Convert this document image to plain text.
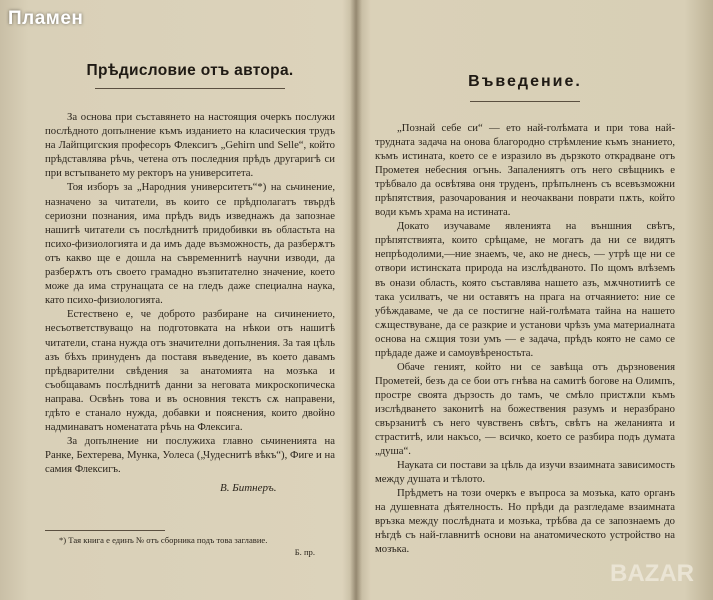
Пламен
Прѣдисловие отъ автора.

За основа при съставянето на настоящия очеркъ послужи послѣдното допълнение къмъ изданието на класическия трудъ на Лайпцигския професоръ Флексигъ „Gehirn und Selle“, който прѣдставлява рѣчь, четена отъ последния прѣдъ другаригѣ си при встъпването му ректоръ на университета.

Тоя изборъ за „Народния университетъ“*) на сьчинение, назначено за читатели, въ които се прѣдполагатъ твърдѣ сериозни познания, има прѣдъ видъ изведнажъ да запознае нашитѣ читатели съ послѣднитѣ придобивки въ областьта на психо-физиологията и да имъ даде възможность, да разберѫтъ отъ какво ще е дошла на съвременнитѣ научни изводи, да разберѫтъ отъ своето грамадно възпитателно значение, което може да има струнащата се на гледъ даже специална наука, като психо-физиологията.

Естествено е, че доброто разбиране на сичинението, несъответствуващо на подготовката на нѣкои отъ нашитѣ читатели, стана нужда отъ значителни допълнения. За тая цѣль азъ бѣхъ принуденъ да поставя въведение, въ което давамъ прѣдварителни свѣдения за анатомията на мозъка и съобщавамъ послѣднитѣ данни за неговата микроскопическа направа. Освѣнъ това и въ основния текстъ сѫ направени, гдѣто е станало нужда, добавки и пояснения, които двойно надминаватъ номенатата рѣчь на Флексига.

За допълнение ни послужиха главно сьчиненията на Ранке, Бехтерева, Мунка, Уолеса („Чудеснитѣ вѣкъ“), Фиге и на самия Флексигъ.

В. Битнеръ.
*) Тая книга е единъ № отъ сборника подъ това заглавие.
Б. пр.
Въведение.

„Позна​й себе си“ — ето най-голѣмата и при това най-трудната задача на онова благородно стрѣмление къмъ знанието, къмъ истината, което се е изразило въ дързкото открадване отъ Прометея небесния огънь. Запалениятъ отъ него свѣщникъ е трѣбвало да освѣтява оня труденъ, прѣпълненъ съ всевъзможни прѣпятствия, разочарования и неочаквани поврати пѫть, който води къмъ храма на истината.

Докато изучаваме явленията на външния свѣтъ, прѣпятствията, които срѣщаме, не могатъ да ни се видятъ непрѣодолими,—ние знаемъ, че, ако не днесь, — утрѣ ще ни се отвори истинската природа на изслѣдваното. По щомъ влѣземъ въ онази область, която съставлява нашето азъ, мѫчнотиитѣ се така усилватъ, че ни оставятъ на прага на отчаянието: ние се убѣждаваме, че да се постигне най-голѣмата тайна на нашето сѫществуване, да се разкрие и установи чрѣзъ ума материалната основа на сѫщия този умъ — е задача, прѣдъ която не само се прѣдаде даже и самоувѣреностьта.

Обаче геният, който ни се завѣща отъ дързновения Прометей, безъ да се бои отъ гнѣва на самитѣ богове на Олимпъ, простре своята дързость до тамъ, че смѣло пристѫпи къмъ изслѣдването законитѣ на божествения разумъ и неразбрано свързанитѣ съ него чувственъ свѣтъ, свѣтъ на желанията и страститѣ, или накъсо, — всичко, което се разбира подъ думата „душа“.

Науката си постави за цѣль да изучи взаимната зависимость между душата и тѣлото.

Прѣдметъ на този очеркъ е въпроса за мозъка, като органъ на душевната дѣятелность. Но прѣди да разгледаме взаимната връзка между послѣдната и мозъка, трѣбва да се запознаемъ до нѣгдѣ съ най-главнитѣ основи на анатомическото устройство на мозъка.

BAZAR
